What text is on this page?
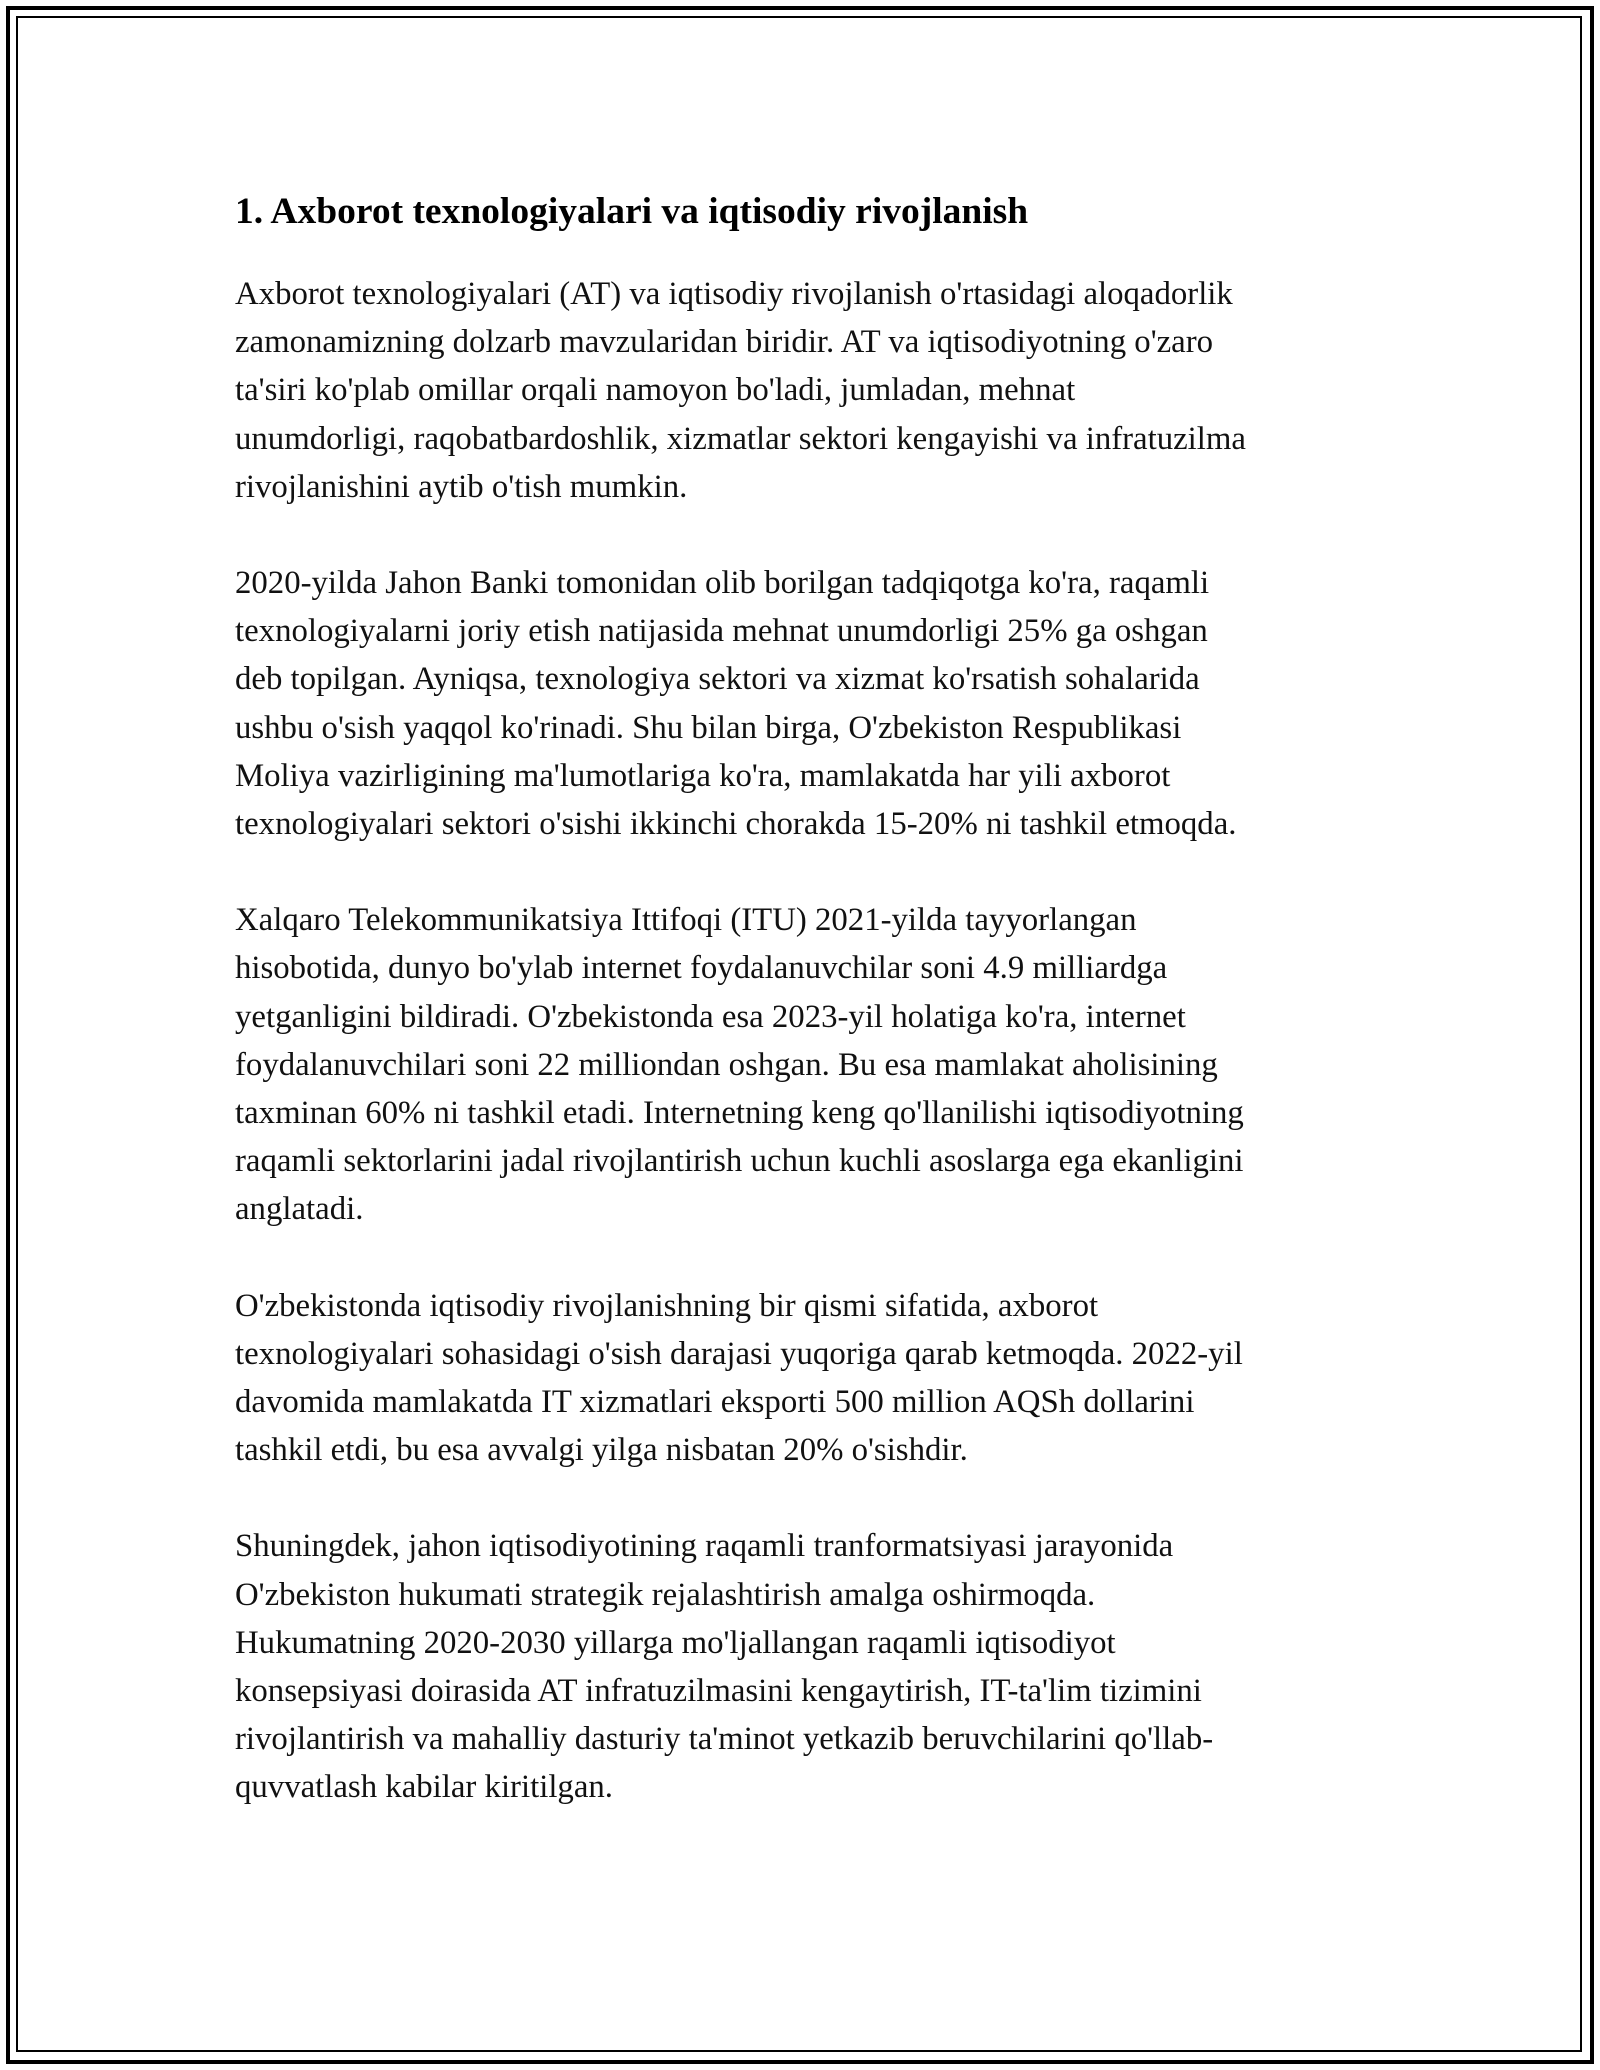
1. Axborot texnologiyalari va iqtisodiy rivojlanish

Axborot texnologiyalari (AT) va iqtisodiy rivojlanish o'rtasidagi aloqadorlik
zamonamizning dolzarb mavzularidan biridir. AT va iqtisodiyotning o'zaro
ta'siri ko'plab omillar orqali namoyon bo'ladi, jumladan, mehnat
unumdorligi, raqobatbardoshlik, xizmatlar sektori kengayishi va infratuzilma
rivojlanishini aytib o'tish mumkin.

2020-yilda Jahon Banki tomonidan olib borilgan tadqiqotga ko'ra, raqamli
texnologiyalarni joriy etish natijasida mehnat unumdorligi 25% ga oshgan
deb topilgan. Ayniqsa, texnologiya sektori va xizmat ko'rsatish sohalarida
ushbu o'sish yaqqol ko'rinadi. Shu bilan birga, O'zbekiston Respublikasi
Moliya vazirligining ma'lumotlariga ko'ra, mamlakatda har yili axborot
texnologiyalari sektori o'sishi ikkinchi chorakda 15-20% ni tashkil etmoqda.

Xalqaro Telekommunikatsiya Ittifoqi (ITU) 2021-yilda tayyorlangan
hisobotida, dunyo bo'ylab internet foydalanuvchilar soni 4.9 milliardga
yetganligini bildiradi. O'zbekistonda esa 2023-yil holatiga ko'ra, internet
foydalanuvchilari soni 22 milliondan oshgan. Bu esa mamlakat aholisining
taxminan 60% ni tashkil etadi. Internetning keng qo'llanilishi iqtisodiyotning
raqamli sektorlarini jadal rivojlantirish uchun kuchli asoslarga ega ekanligini
anglatadi.

O'zbekistonda iqtisodiy rivojlanishning bir qismi sifatida, axborot
texnologiyalari sohasidagi o'sish darajasi yuqoriga qarab ketmoqda. 2022-yil
davomida mamlakatda IT xizmatlari eksporti 500 million AQSh dollarini
tashkil etdi, bu esa avvalgi yilga nisbatan 20% o'sishdir.

Shuningdek, jahon iqtisodiyotining raqamli tranformatsiyasi jarayonida
O'zbekiston hukumati strategik rejalashtirish amalga oshirmoqda.
Hukumatning 2020-2030 yillarga mo'ljallangan raqamli iqtisodiyot
konsepsiyasi doirasida AT infratuzilmasini kengaytirish, IT-ta'lim tizimini
rivojlantirish va mahalliy dasturiy ta'minot yetkazib beruvchilarini qo'llab-
quvvatlash kabilar kiritilgan.
